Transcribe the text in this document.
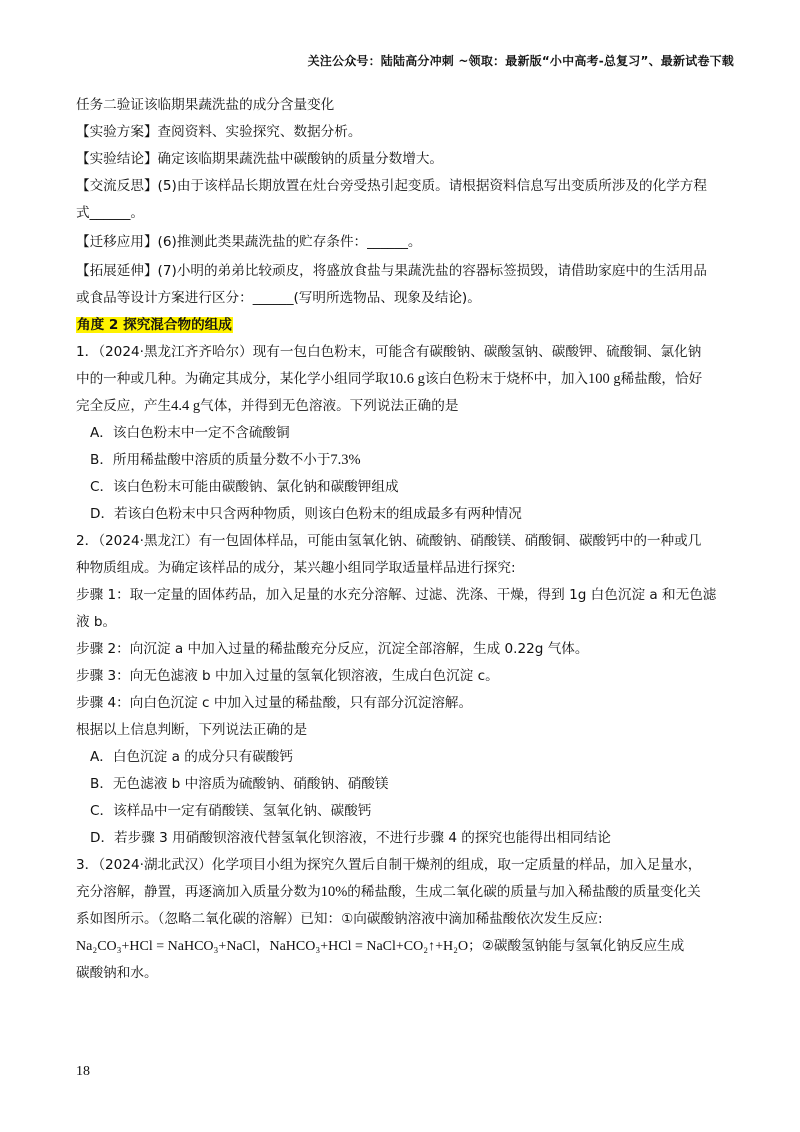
关注公众号：陆陆高分冲刺 ~领取：最新版“小中高考-总复习”、最新试卷下载

任务二验证该临期果蔬洗盐的成分含量变化

【实验方案】查阅资料、实验探究、数据分析。

【实验结论】确定该临期果蔬洗盐中碳酸钠的质量分数增大。

【交流反思】(5)由于该样品长期放置在灶台旁受热引起变质。请根据资料信息写出变质所涉及的化学方程

式______。

【迁移应用】(6)推测此类果蔬洗盐的贮存条件：______。

【拓展延伸】(7)小明的弟弟比较顽皮，将盛放食盐与果蔬洗盐的容器标签损毁，请借助家庭中的生活用品

或食品等设计方案进行区分：______(写明所选物品、现象及结论)。

角度 2 探究混合物的组成

1．（2024·黑龙江齐齐哈尔）现有一包白色粉末，可能含有碳酸钠、碳酸氢钠、碳酸钾、硫酸铜、氯化钠

中的一种或几种。为确定其成分，某化学小组同学取10.6 g该白色粉末于烧杯中，加入100 g稀盐酸，恰好

完全反应，产生4.4 g气体，并得到无色溶液。下列说法正确的是

A．该白色粉末中一定不含硫酸铜

B．所用稀盐酸中溶质的质量分数不小于7.3%

C．该白色粉末可能由碳酸钠、氯化钠和碳酸钾组成

D．若该白色粉末中只含两种物质，则该白色粉末的组成最多有两种情况

2．（2024·黑龙江）有一包固体样品，可能由氢氧化钠、硫酸钠、硝酸镁、硝酸铜、碳酸钙中的一种或几

种物质组成。为确定该样品的成分，某兴趣小组同学取适量样品进行探究:

步骤 1：取一定量的固体药品，加入足量的水充分溶解、过滤、洗涤、干燥，得到 1g 白色沉淀 a 和无色滤

液 b。

步骤 2：向沉淀 a 中加入过量的稀盐酸充分反应，沉淀全部溶解，生成 0.22g 气体。

步骤 3：向无色滤液 b 中加入过量的氢氧化钡溶液，生成白色沉淀 c。

步骤 4：向白色沉淀 c 中加入过量的稀盐酸，只有部分沉淀溶解。

根据以上信息判断，下列说法正确的是

A．白色沉淀 a 的成分只有碳酸钙

B．无色滤液 b 中溶质为硫酸钠、硝酸钠、硝酸镁

C．该样品中一定有硝酸镁、氢氧化钠、碳酸钙

D．若步骤 3 用硝酸钡溶液代替氢氧化钡溶液，不进行步骤 4 的探究也能得出相同结论

3．（2024·湖北武汉）化学项目小组为探究久置后自制干燥剂的组成，取一定质量的样品，加入足量水，

充分溶解，静置，再逐滴加入质量分数为10%的稀盐酸，生成二氧化碳的质量与加入稀盐酸的质量变化关

系如图所示。（忽略二氧化碳的溶解）已知：①向碳酸钠溶液中滴加稀盐酸依次发生反应:

Na₂CO₃+HCl = NaHCO₃+NaCl，NaHCO₃+HCl = NaCl+CO₂↑+H₂O；②碳酸氢钠能与氢氧化钠反应生成

碳酸钠和水。

18
